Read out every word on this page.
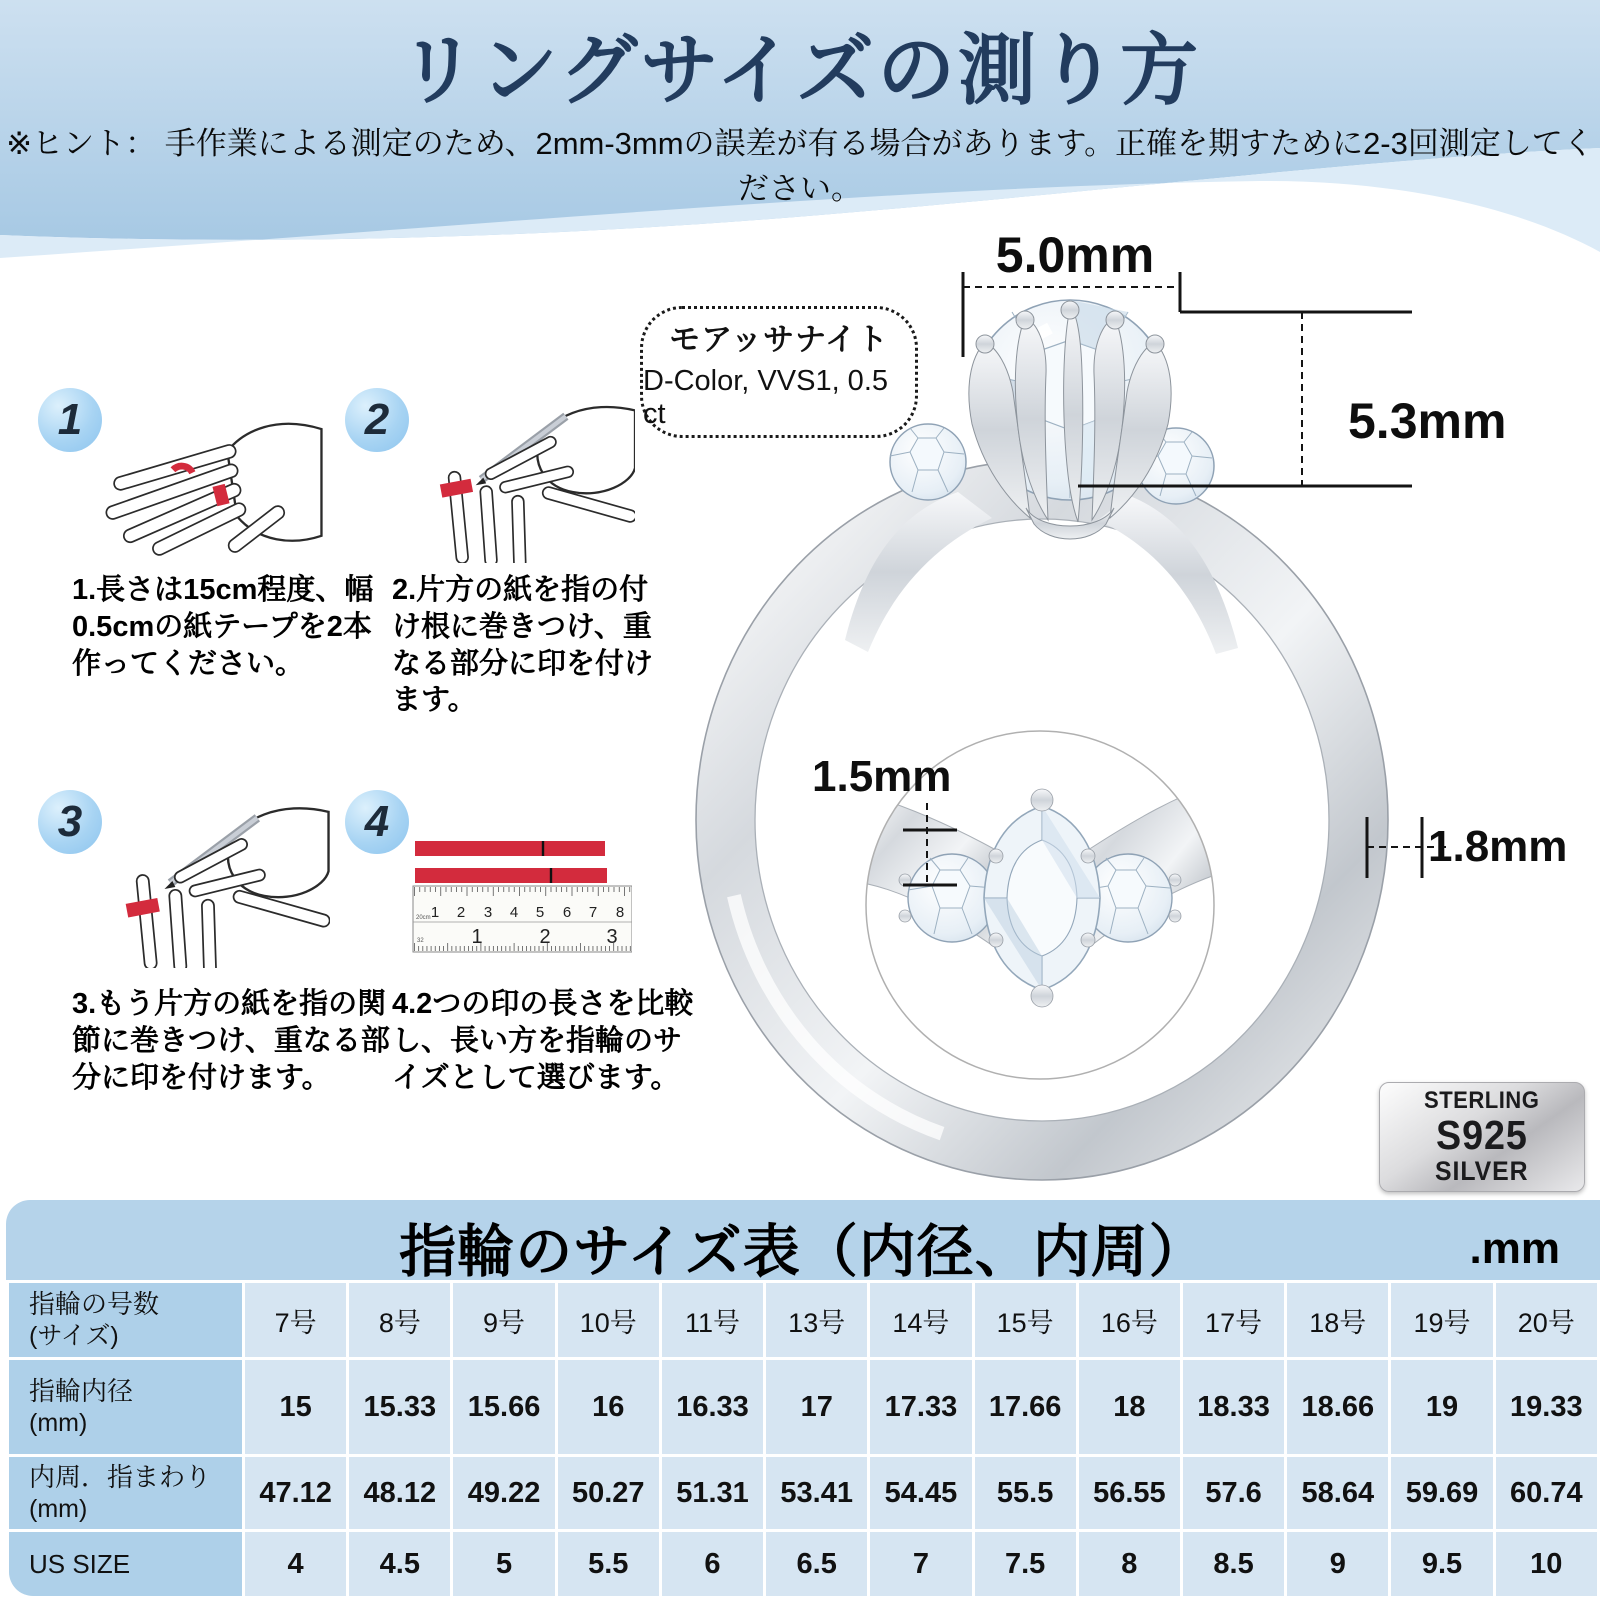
リングサイズの測り方
※ヒント： 手作業による測定のため、2mm-3mmの誤差が有る場合があります。正確を期すために2-3回測定してください。
1	2
3	4
1 2 3 4 5 6 7 8
20cm
1	2	3
32

1.長さは15cm程度、幅0.5cmの紙テープを2本作ってください。

2.片方の紙を指の付け根に巻きつけ、重なる部分に印を付けます。

3.もう片方の紙を指の関節に巻きつけ、重なる部分に印を付けます。

4.2つの印の長さを比較し、長い方を指輪のサイズとして選びます。

モアッサナイト
D-Color, VVS1, 0.5 ct
5.0mm
5.3mm
1.5mm
1.8mm
STERLING
S925
SILVER
指輪のサイズ表（内径、内周）	.mm
指輪の号数
(サイズ)	7号	8号	9号	10号	11号	13号	14号	15号	16号	17号	18号	19号	20号

指輪内径
(mm)	15	15.33	15.66	16	16.33	17	17.33	17.66	18	18.33	18.66	19	19.33

内周．指まわり
(mm)	47.12	48.12	49.22	50.27	51.31	53.41	54.45	55.5	56.55	57.6	58.64	59.69	60.74

US SIZE	4	4.5	5	5.5	6	6.5	7	7.5	8	8.5	9	9.5	10
